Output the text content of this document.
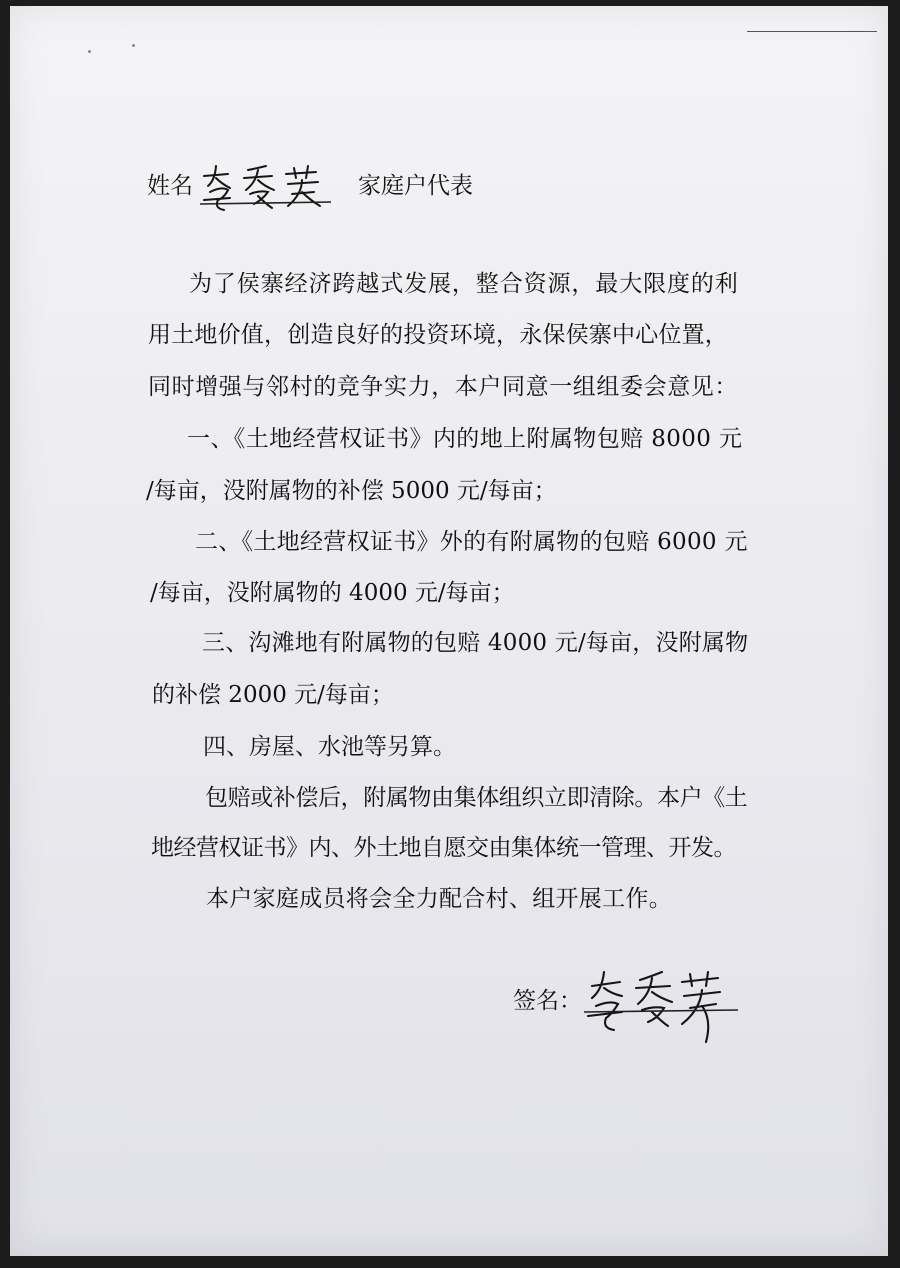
姓名
李秀英
家庭户代表
为了侯寨经济跨越式发展，整合资源，最大限度的利
用土地价值，创造良好的投资环境，永保侯寨中心位置，
同时增强与邻村的竞争实力，本户同意一组组委会意见：
一、《土地经营权证书》内的地上附属物包赔 8000 元
/每亩，没附属物的补偿 5000 元/每亩；
二、《土地经营权证书》外的有附属物的包赔 6000 元
/每亩，没附属物的 4000 元/每亩；
三、沟滩地有附属物的包赔 4000 元/每亩，没附属物
的补偿 2000 元/每亩；
四、房屋、水池等另算。
包赔或补偿后，附属物由集体组织立即清除。本户《土
地经营权证书》内、外土地自愿交由集体统一管理、开发。
本户家庭成员将会全力配合村、组开展工作。
签名：
李秀英
